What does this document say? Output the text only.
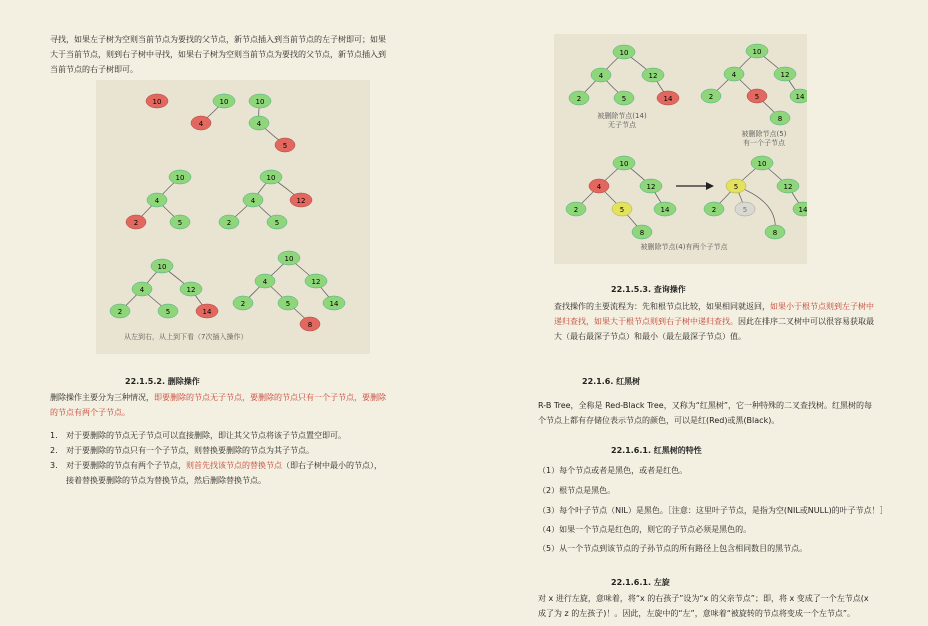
寻找，如果左子树为空则当前节点为要找的父节点，新节点插入到当前节点的左子树即可；如果
大于当前节点，则到右子树中寻找，如果右子树为空则当前节点为要找的父节点，新节点插入到
当前节点的右子树即可。
10	10
4
10
4
5
10
4
2	5
10
4	12
2	5
10
4	12
2	5	14
10
4	12
2	5	14
8
从左到右，从上到下看（7次插入操作）
22.1.5.2. 删除操作
删除操作主要分为三种情况，即要删除的节点无子节点，要删除的节点只有一个子节点，要删除
的节点有两个子节点。
1. 对于要删除的节点无子节点可以直接删除，即让其父节点将该子节点置空即可。
2. 对于要删除的节点只有一个子节点，则替换要删除的节点为其子节点。
3. 对于要删除的节点有两个子节点，则首先找该节点的替换节点（即右子树中最小的节点），
接着替换要删除的节点为替换节点，然后删除替换节点。
10
4	12
2	5	14
10
4	12
2	5	14
8
10
4	12
2	5	14
8
10
5	12
2	5	14
8
被删除节点(14)
无子节点
被删除节点(5)
有一个子节点
被删除节点(4)有两个子节点
22.1.5.3. 查询操作
查找操作的主要流程为：先和根节点比较，如果相同就返回，如果小于根节点则到左子树中
递归查找，如果大于根节点则到右子树中递归查找。因此在排序二叉树中可以很容易获取最
大（最右最深子节点）和最小（最左最深子节点）值。
22.1.6. 红黑树
R-B Tree，全称是 Red-Black Tree，又称为“红黑树”，它一种特殊的二叉查找树。红黑树的每
个节点上都有存储位表示节点的颜色，可以是红(Red)或黑(Black)。
22.1.6.1. 红黑树的特性
（1）每个节点或者是黑色，或者是红色。
（2）根节点是黑色。
（3）每个叶子节点（NIL）是黑色。［注意：这里叶子节点，是指为空(NIL或NULL)的叶子节点！］
（4）如果一个节点是红色的，则它的子节点必须是黑色的。
（5）从一个节点到该节点的子孙节点的所有路径上包含相同数目的黑节点。
22.1.6.1. 左旋
对 x 进行左旋，意味着，将“x 的右孩子”设为“x 的父亲节点”；即，将 x 变成了一个左节点(x
成了为 z 的左孩子)！。因此，左旋中的“左”，意味着“被旋转的节点将变成一个左节点”。
